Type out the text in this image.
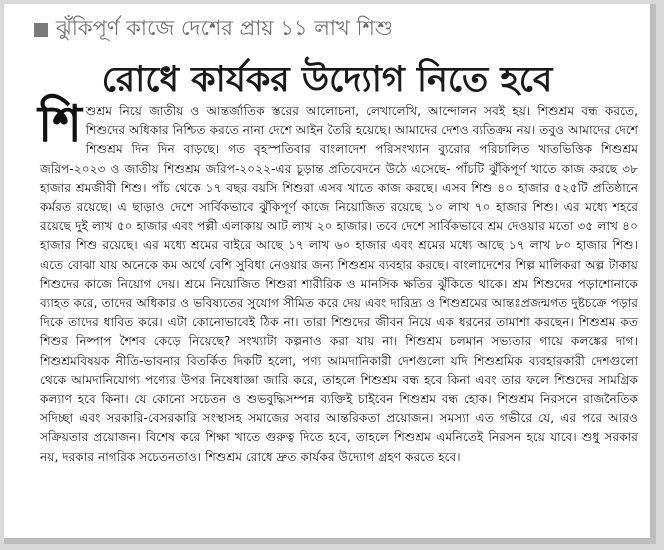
ঝুঁকিপূর্ণ কাজে দেশের প্রায় ১১ লাখ শিশু
রোধে কার্যকর উদ্যোগ নিতে হবে
শিশুশ্রম নিয়ে জাতীয় ও আন্তর্জাতিক স্তরের আলোচনা, লেখালেখি, আন্দোলন সবই হয়। শিশুশ্রম বন্ধ করতে, শিশুদের অধিকার নিশ্চিত করতে নানা দেশে আইন তৈরি হয়েছে। আমাদের দেশও ব্যতিক্রম নয়। তবুও আমাদের দেশে শিশুশ্রম দিন দিন বাড়ছে। গত বৃহস্পতিবার বাংলাদেশ পরিসংখ্যান ব্যুরোর পরিচালিত খাতভিত্তিক শিশুশ্রম জরিপ-২০২৩ ও জাতীয় শিশুশ্রম জরিপ-২০২২-এর চূড়ান্ত প্রতিবেদনে উঠে এসেছে- পাঁচটি ঝুঁকিপূর্ণ খাতে কাজ করছে ৩৮ হাজার শ্রমজীবী শিশু। পাঁচ থেকে ১৭ বছর বয়সি শিশুরা এসব খাতে কাজ করছে। এসব শিশু ৪০ হাজার ৫২৫টি প্রতিষ্ঠানে কর্মরত রয়েছে। এ ছাড়াও দেশে সার্বিকভাবে ঝুঁকিপূর্ণ কাজে নিয়োজিত রয়েছে ১০ লাখ ৭০ হাজার শিশু। এর মধ্যে শহরে রয়েছে দুই লাখ ৫০ হাজার এবং পল্লী এলাকায় আট লাখ ২০ হাজার। তবে দেশে সার্বিকভাবে শ্রম দেওয়ার মতো ৩৫ লাখ ৪০ হাজার শিশু রয়েছে। এর মধ্যে শ্রমের বাইরে আছে ১৭ লাখ ৬০ হাজার এবং শ্রমের মধ্যে আছে ১৭ লাখ ৮০ হাজার শিশু। এতে বোঝা যায় অনেকে কম অর্থে বেশি সুবিধা নেওয়ার জন্য শিশুশ্রম ব্যবহার করছে। বাংলাদেশের শিল্প মালিকরা অল্প টাকায় শিশুদের কাজে নিয়োগ দেয়। শ্রমে নিয়োজিত শিশুরা শারীরিক ও মানসিক ক্ষতির ঝুঁকিতে থাকে। শ্রম শিশুদের পড়াশোনাকে ব্যাহত করে, তাদের অধিকার ও ভবিষ্যতের সুযোগ সীমিত করে দেয় এবং দারিদ্র্য ও শিশুশ্রমের আন্তঃপ্রজন্মগত দুষ্টচক্রে পড়ার দিকে তাদের ধাবিত করে। এটা কোনোভাবেই ঠিক না। তারা শিশুদের জীবন নিয়ে এক ধরনের তামাশা করছেন। শিশুশ্রম কত শিশুর নিষ্পাপ শৈশব কেড়ে নিয়েছে? সংখ্যাটা কল্পনাও করা যায় না। শিশুশ্রম চলমান সভ্যতার গায়ে কলঙ্কের দাগ। শিশুশ্রমবিষয়ক নীতি-ভাবনার বিতর্কিত দিকটি হলো, পণ্য আমদানিকারী দেশগুলো যদি শিশুশ্রমিক ব্যবহারকারী দেশগুলো থেকে আমদানিযোগ্য পণ্যের উপর নিষেধাজ্ঞা জারি করে, তাহলে শিশুশ্রম বন্ধ হবে কিনা এবং তার ফলে শিশুদের সামগ্রিক কল্যাণ হবে কিনা। যে কোনো সচেতন ও শুভবুদ্ধিসম্পন্ন ব্যক্তিই চাইবেন শিশুশ্রম বন্ধ হোক। শিশুশ্রম নিরসনে রাজনৈতিক সদিচ্ছা এবং সরকারি-বেসরকারি সংস্থাসহ সমাজের সবার আন্তরিকতা প্রয়োজন। সমস্যা এত গভীরে যে, এর পরে আরও সক্রিয়তার প্রয়োজন। বিশেষ করে শিক্ষা খাতে গুরুত্ব দিতে হবে, তাহলে শিশুশ্রম এমনিতেই নিরসন হয়ে যাবে। শুধু সরকার নয়, দরকার নাগরিক সচেতনতাও। শিশুশ্রম রোধে দ্রুত কার্যকর উদ্যোগ গ্রহণ করতে হবে।
